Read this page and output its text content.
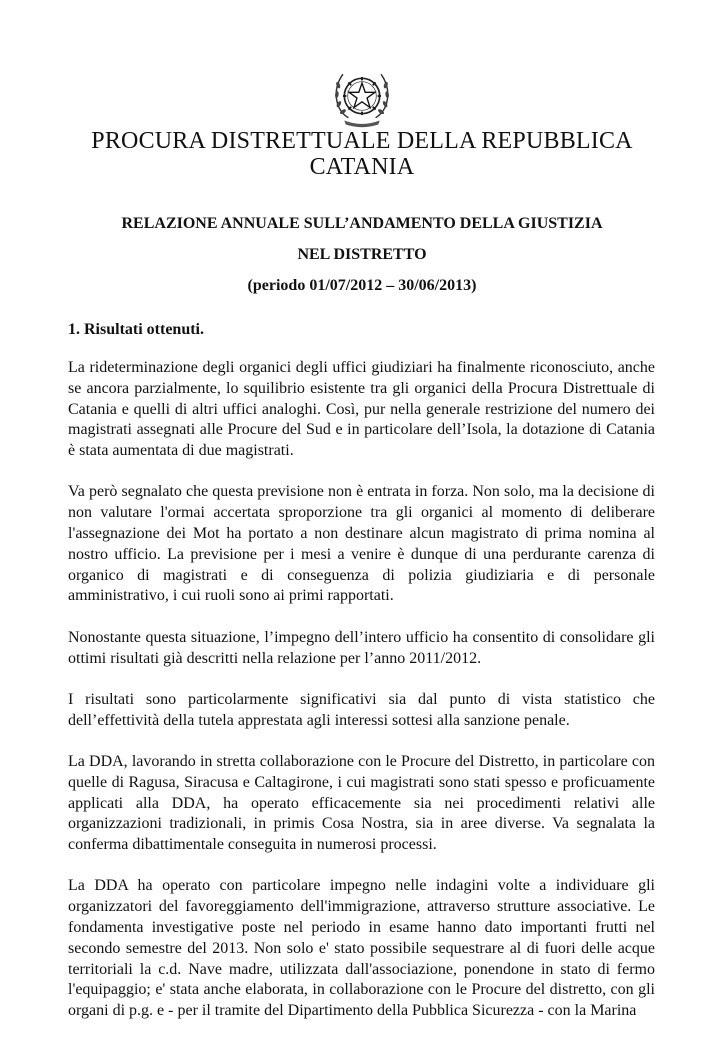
PROCURA DISTRETTUALE DELLA REPUBBLICA
CATANIA
RELAZIONE ANNUALE SULL’ANDAMENTO DELLA GIUSTIZIA
NEL DISTRETTO
(periodo 01/07/2012 – 30/06/2013)
1. Risultati ottenuti.

La rideterminazione degli organici degli uffici giudiziari ha finalmente riconosciuto, anche se ancora parzialmente, lo squilibrio esistente tra gli organici della Procura Distrettuale di Catania e quelli di altri uffici analoghi. Così, pur nella generale restrizione del numero dei magistrati assegnati alle Procure del Sud e in particolare dell’Isola, la dotazione di Catania è stata aumentata di due magistrati.

Va però segnalato che questa previsione non è entrata in forza. Non solo, ma la decisione di non valutare l'ormai accertata sproporzione tra gli organici al momento di deliberare l'assegnazione dei Mot ha portato a non destinare alcun magistrato di prima nomina al nostro ufficio. La previsione per i mesi a venire è dunque di una perdurante carenza di organico di magistrati e di conseguenza di polizia giudiziaria e di personale amministrativo, i cui ruoli sono ai primi rapportati.

Nonostante questa situazione, l’impegno dell’intero ufficio ha consentito di consolidare gli ottimi risultati già descritti nella relazione per l’anno 2011/2012.

I risultati sono particolarmente significativi sia dal punto di vista statistico che dell’effettività della tutela apprestata agli interessi sottesi alla sanzione penale.

La DDA, lavorando in stretta collaborazione con le Procure del Distretto, in particolare con quelle di Ragusa, Siracusa e Caltagirone, i cui magistrati sono stati spesso e proficuamente applicati alla DDA, ha operato efficacemente sia nei procedimenti relativi alle organizzazioni tradizionali, in primis Cosa Nostra, sia in aree diverse. Va segnalata la conferma dibattimentale conseguita in numerosi processi.

La DDA ha operato con particolare impegno nelle indagini volte a individuare gli organizzatori del favoreggiamento dell'immigrazione, attraverso strutture associative. Le fondamenta investigative poste nel periodo in esame hanno dato importanti frutti nel secondo semestre del 2013. Non solo e' stato possibile sequestrare al di fuori delle acque territoriali la c.d. Nave madre, utilizzata dall'associazione, ponendone in stato di fermo l'equipaggio; e' stata anche elaborata, in collaborazione con le Procure del distretto, con gli organi di p.g. e - per il tramite del Dipartimento della Pubblica Sicurezza - con la Marina
